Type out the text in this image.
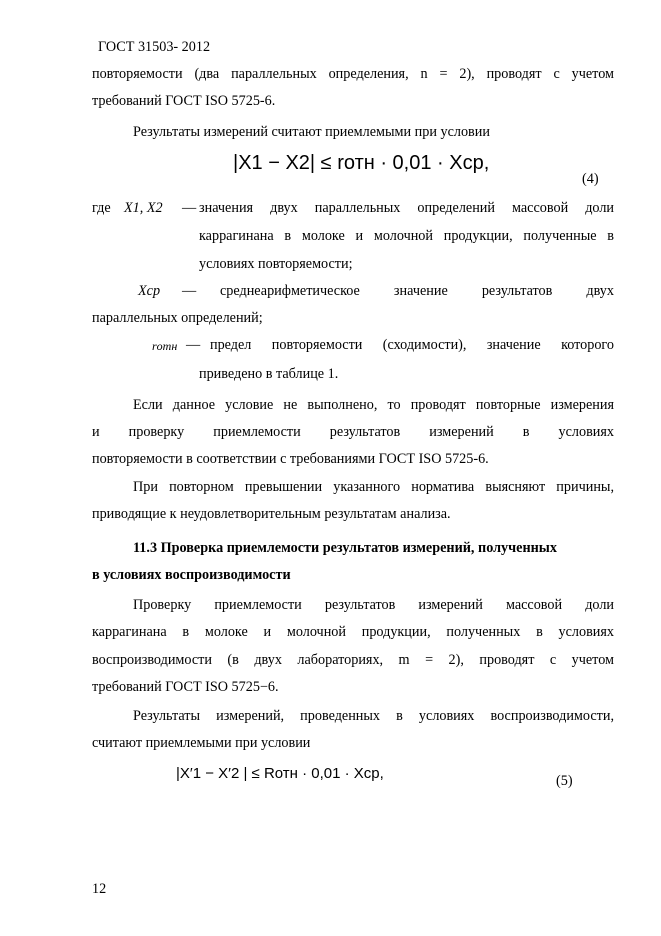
ГОСТ 31503- 2012
повторяемости (два параллельных определения, n = 2), проводят с учетом
требований ГОСТ ISO 5725-6.
Результаты измерений считают приемлемыми при условии
|X1 − X2| ≤ rотн · 0,01 · Xср,
(4)
где X1, X2 — значения двух параллельных определений массовой доли
каррагинана в молоке и молочной продукции, полученные в
условиях повторяемости;
Xср — среднеарифметическое значение результатов двух
параллельных определений;
rотн — предел повторяемости (сходимости), значение которого
приведено в таблице 1.
Если данное условие не выполнено, то проводят повторные измерения
и проверку приемлемости результатов измерений в условиях
повторяемости в соответствии с требованиями ГОСТ ISO 5725-6.
При повторном превышении указанного норматива выясняют причины,
приводящие к неудовлетворительным результатам анализа.
11.3 Проверка приемлемости результатов измерений, полученных
в условиях воспроизводимости
Проверку приемлемости результатов измерений массовой доли
каррагинана в молоке и молочной продукции, полученных в условиях
воспроизводимости (в двух лабораториях, m = 2), проводят с учетом
требований ГОСТ ISO 5725−6.
Результаты измерений, проведенных в условиях воспроизводимости,
считают приемлемыми при условии
|X′1 − X′2 | ≤ Rотн · 0,01 · Xср,	(5)
12
